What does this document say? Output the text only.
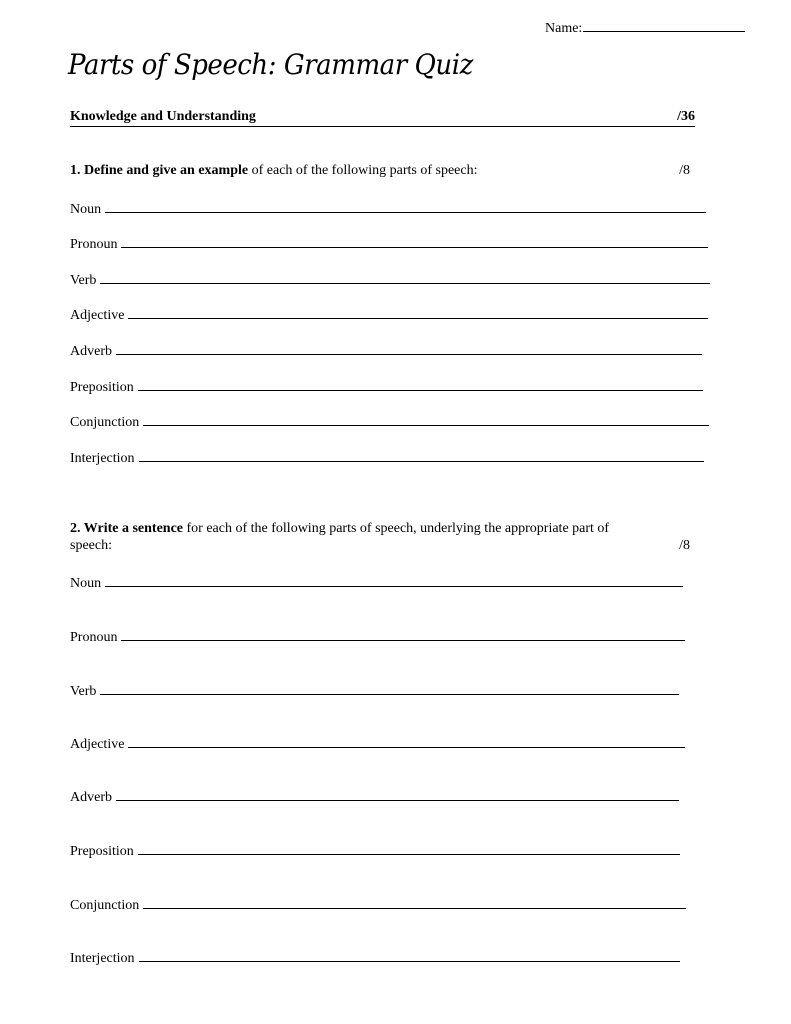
Name:
Parts of Speech: Grammar Quiz
Knowledge and Understanding	/36
1. Define and give an example of each of the following parts of speech:	/8
Noun
Pronoun
Verb
Adjective
Adverb
Preposition
Conjunction
Interjection
2. Write a sentence for each of the following parts of speech, underlying the appropriate part of
speech:	/8
Noun
Pronoun
Verb
Adjective
Adverb
Preposition
Conjunction
Interjection
